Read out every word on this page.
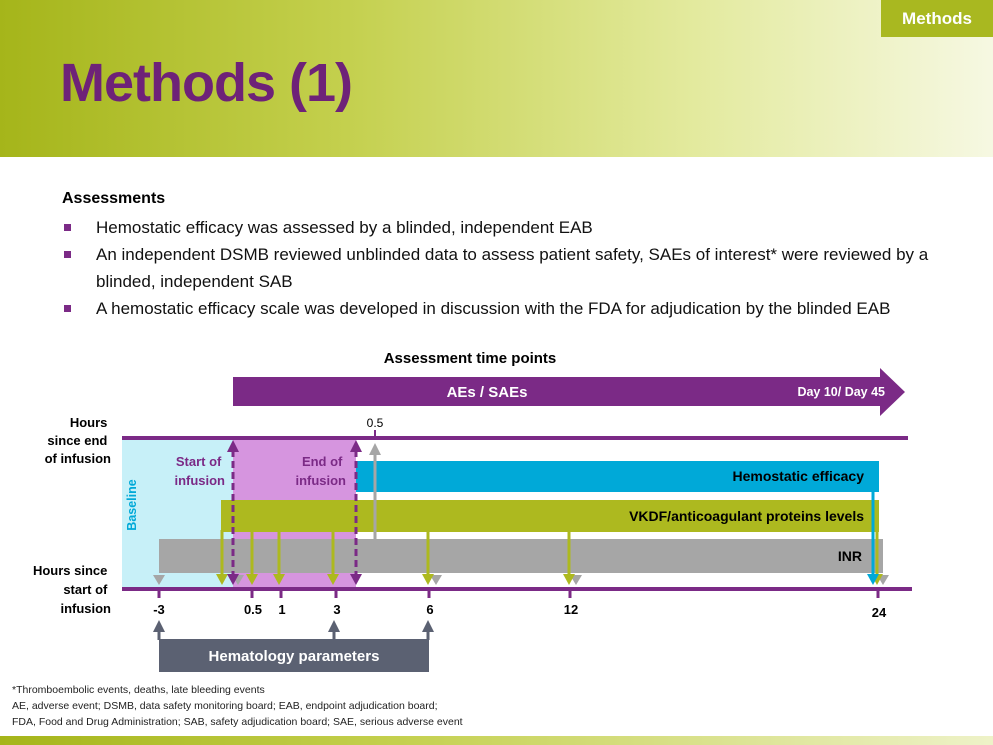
Methods
Methods (1)
Assessments
Hemostatic efficacy was assessed by a blinded, independent EAB
An independent DSMB reviewed unblinded data to assess patient safety, SAEs of interest* were reviewed by a blinded, independent SAB
A hemostatic efficacy scale was developed in discussion with the FDA for adjudication by the blinded EAB
Assessment time points
AEs / SAEs	Day 10/ Day 45
Hours since end of infusion
Hours since start of infusion
Baseline
0.5
Hemostatic efficacy
VKDF/anticoagulant proteins levels
INR
Start of infusion
End of infusion
-3	0.5 1	3	6	12	24
Hematology parameters
*Thromboembolic events, deaths, late bleeding events
AE, adverse event; DSMB, data safety monitoring board; EAB, endpoint adjudication board;
FDA, Food and Drug Administration; SAB, safety adjudication board; SAE, serious adverse event
